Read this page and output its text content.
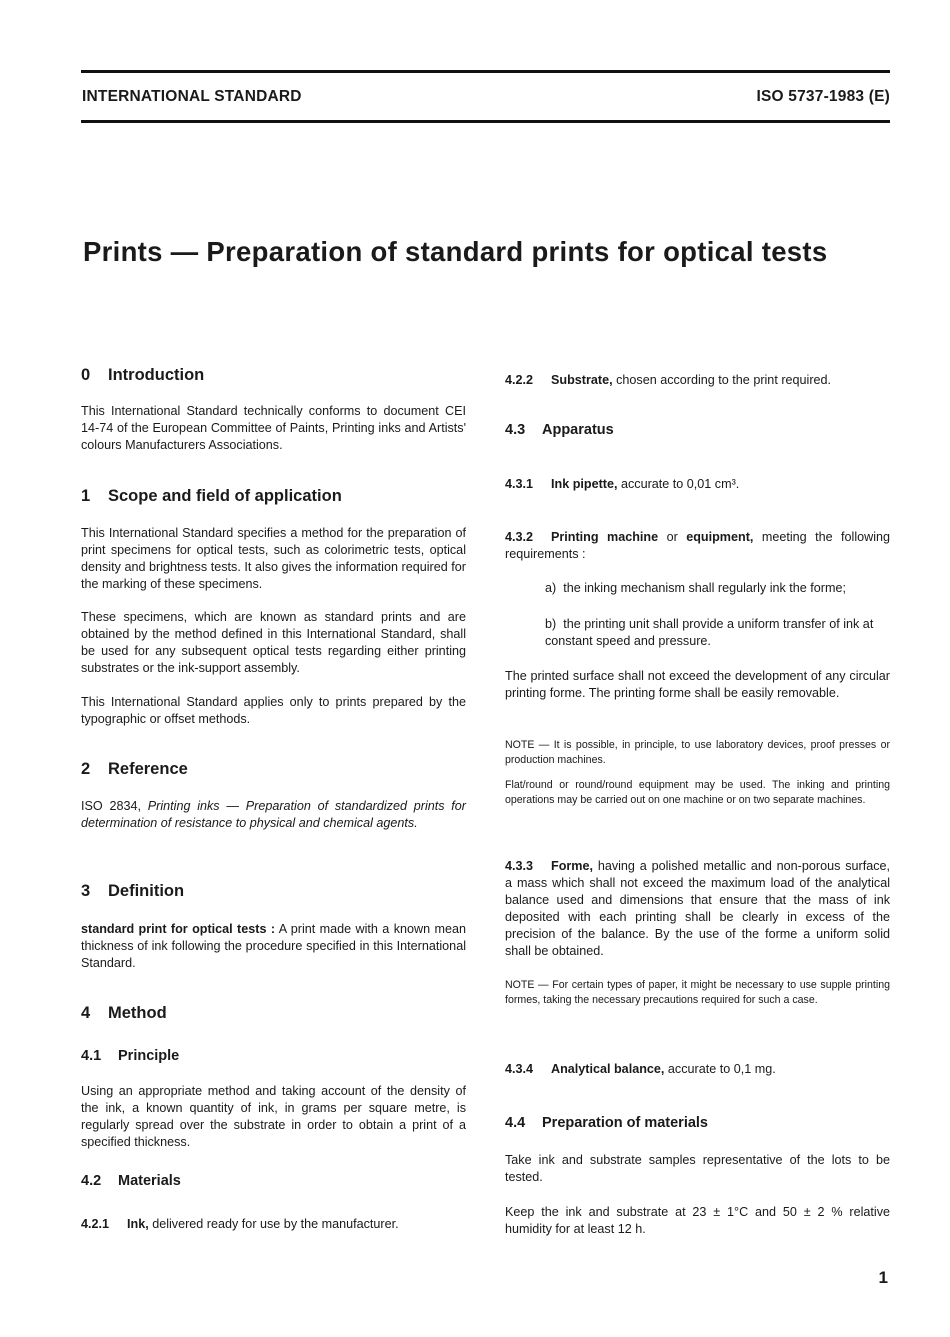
INTERNATIONAL STANDARD	ISO 5737-1983 (E)
Prints — Preparation of standard prints for optical tests
0 Introduction

This International Standard technically conforms to document CEI 14-74 of the European Committee of Paints, Printing inks and Artists' colours Manufacturers Associations.

1 Scope and field of application

This International Standard specifies a method for the preparation of print specimens for optical tests, such as colorimetric tests, optical density and brightness tests. It also gives the information required for the marking of these specimens.

These specimens, which are known as standard prints and are obtained by the method defined in this International Standard, shall be used for any subsequent optical tests regarding either printing substrates or the ink-support assembly.

This International Standard applies only to prints prepared by the typographic or offset methods.

2 Reference

ISO 2834, Printing inks — Preparation of standardized prints for determination of resistance to physical and chemical agents.

3 Definition

standard print for optical tests : A print made with a known mean thickness of ink following the procedure specified in this International Standard.

4 Method
4.1 Principle

Using an appropriate method and taking account of the density of the ink, a known quantity of ink, in grams per square metre, is regularly spread over the substrate in order to obtain a print of a specified thickness.

4.2 Materials

4.2.1 Ink, delivered ready for use by the manufacturer.

4.2.2 Substrate, chosen according to the print required.

4.3 Apparatus

4.3.1 Ink pipette, accurate to 0,01 cm³.

4.3.2 Printing machine or equipment, meeting the following requirements :

a) the inking mechanism shall regularly ink the forme;

b) the printing unit shall provide a uniform transfer of ink at constant speed and pressure.

The printed surface shall not exceed the development of any circular printing forme. The printing forme shall be easily removable.

NOTE — It is possible, in principle, to use laboratory devices, proof presses or production machines.

Flat/round or round/round equipment may be used. The inking and printing operations may be carried out on one machine or on two separate machines.

4.3.3 Forme, having a polished metallic and non-porous surface, a mass which shall not exceed the maximum load of the analytical balance used and dimensions that ensure that the mass of ink deposited with each printing shall be clearly in excess of the precision of the balance. By the use of the forme a uniform solid shall be obtained.

NOTE — For certain types of paper, it might be necessary to use supple printing formes, taking the necessary precautions required for such a case.

4.3.4 Analytical balance, accurate to 0,1 mg.

4.4 Preparation of materials

Take ink and substrate samples representative of the lots to be tested.

Keep the ink and substrate at 23 ± 1°C and 50 ± 2 % relative humidity for at least 12 h.

1
